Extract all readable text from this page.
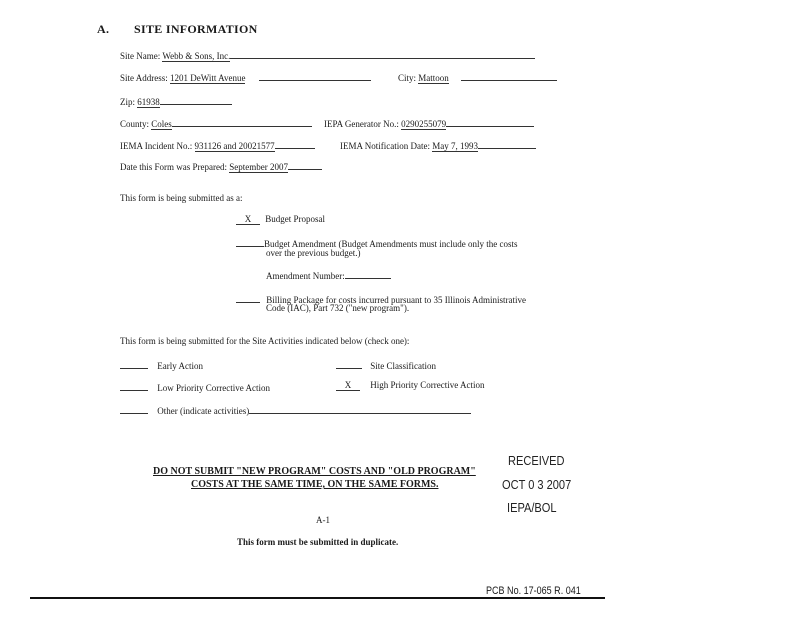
A. SITE INFORMATION
Site Name: Webb & Sons, Inc.
Site Address: 1201 DeWitt Avenue	City: Mattoon
Zip: 61938
County: Coles	IEPA Generator No.: 0290255079
IEMA Incident No.: 931126 and 20021577	IEMA Notification Date: May 7, 1993
Date this Form was Prepared: September 2007
This form is being submitted as a:
X Budget Proposal
Budget Amendment (Budget Amendments must include only the costs
over the previous budget.)
Amendment Number:
Billing Package for costs incurred pursuant to 35 Illinois Administrative
Code (IAC), Part 732 ("new program").
This form is being submitted for the Site Activities indicated below (check one):
Early Action	Site Classification
Low Priority Corrective Action	X High Priority Corrective Action
Other (indicate activities)
DO NOT SUBMIT "NEW PROGRAM" COSTS AND "OLD PROGRAM"
COSTS AT THE SAME TIME, ON THE SAME FORMS.
A-1
This form must be submitted in duplicate.
RECEIVED
OCT 0 3 2007
IEPA/BOL
PCB No. 17-065 R. 041
